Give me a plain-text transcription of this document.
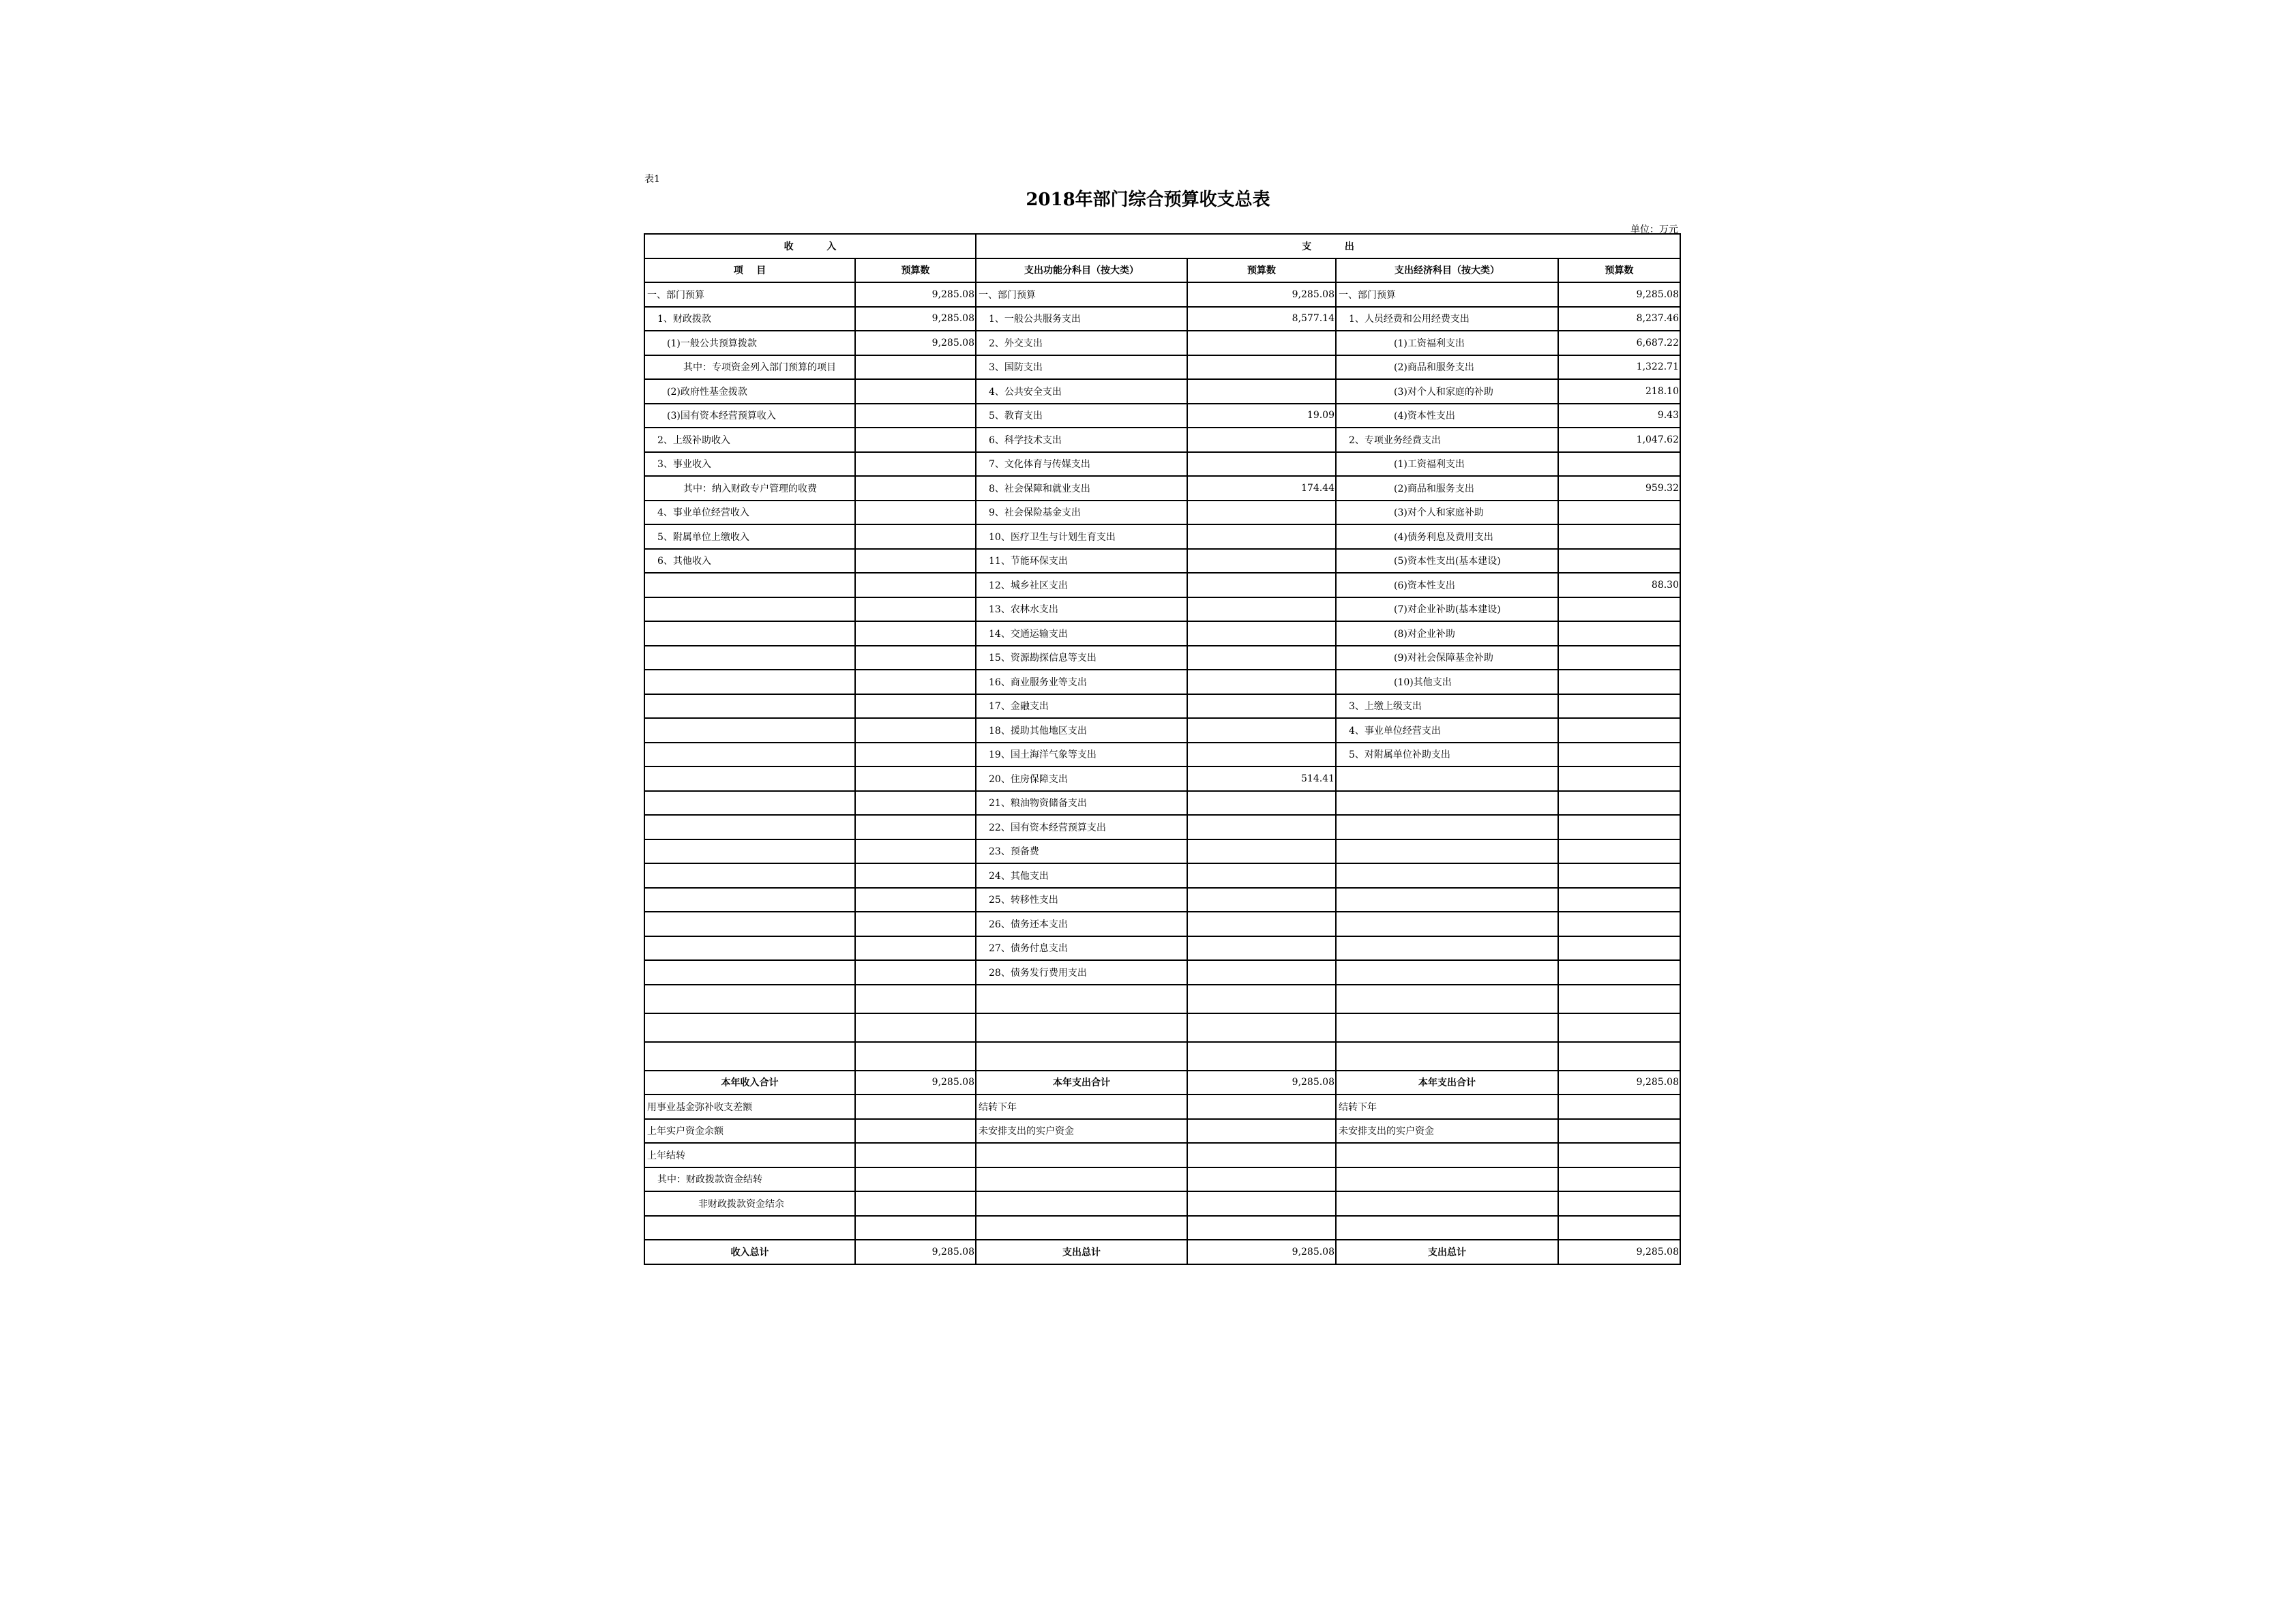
表1
2018年部门综合预算收支总表
单位：万元
收          入		支          出			
项    目	预算数	支出功能分科目（按大类）	预算数	支出经济科目（按大类）	预算数
一、部门预算	9,285.08	一、部门预算	9,285.08	一、部门预算	9,285.08
1、财政拨款	9,285.08	1、一般公共服务支出	8,577.14	1、人员经费和公用经费支出	8,237.46
(1)一般公共预算拨款	9,285.08	2、外交支出		(1)工资福利支出	6,687.22
其中：专项资金列入部门预算的项目		3、国防支出		(2)商品和服务支出	1,322.71
(2)政府性基金拨款		4、公共安全支出		(3)对个人和家庭的补助	218.10
(3)国有资本经营预算收入		5、教育支出	19.09	(4)资本性支出	9.43
2、上级补助收入		6、科学技术支出		2、专项业务经费支出	1,047.62
3、事业收入		7、文化体育与传媒支出		(1)工资福利支出	
其中：纳入财政专户管理的收费		8、社会保障和就业支出	174.44	(2)商品和服务支出	959.32
4、事业单位经营收入		9、社会保险基金支出		(3)对个人和家庭补助	
5、附属单位上缴收入		10、医疗卫生与计划生育支出		(4)债务利息及费用支出	
6、其他收入		11、节能环保支出		(5)资本性支出(基本建设)	
		12、城乡社区支出		(6)资本性支出	88.30
		13、农林水支出		(7)对企业补助(基本建设)	
		14、交通运输支出		(8)对企业补助	
		15、资源勘探信息等支出		(9)对社会保障基金补助	
		16、商业服务业等支出		(10)其他支出	
		17、金融支出		3、上缴上级支出	
		18、援助其他地区支出		4、事业单位经营支出	
		19、国土海洋气象等支出		5、对附属单位补助支出	
		20、住房保障支出	514.41		
		21、粮油物资储备支出			
		22、国有资本经营预算支出			
		23、预备费			
		24、其他支出			
		25、转移性支出			
		26、债务还本支出			
		27、债务付息支出			
		28、债务发行费用支出			

本年收入合计	9,285.08	本年支出合计	9,285.08	本年支出合计	9,285.08
用事业基金弥补收支差额		结转下年		结转下年	
上年实户资金余额		未安排支出的实户资金		未安排支出的实户资金	
上年结转					
其中：财政拨款资金结转					
非财政拨款资金结余					

收入总计	9,285.08	支出总计	9,285.08	支出总计	9,285.08
